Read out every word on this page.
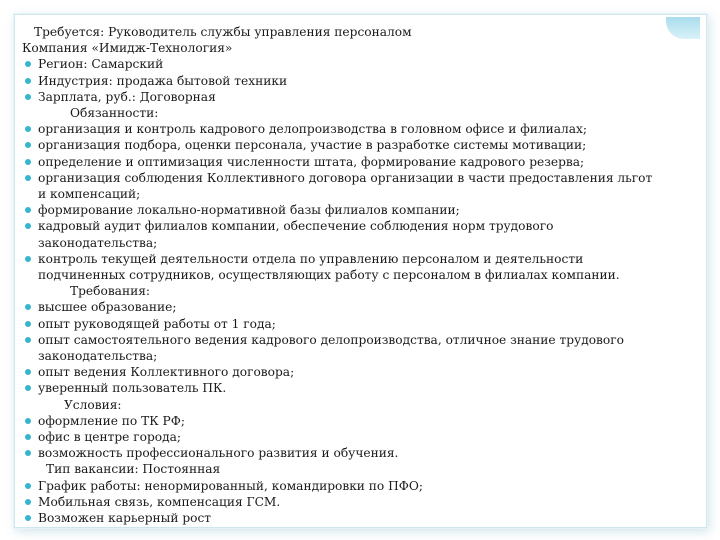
Требуется: Руководитель службы управления персоналом
Компания «Имидж-Технология»
Регион: Самарский
Индустрия: продажа бытовой техники
Зарплата, руб.: Договорная
Обязанности:
организация и контроль кадрового делопроизводства в головном офисе и филиалах;
организация подбора, оценки персонала, участие в разработке системы мотивации;
определение и оптимизация численности штата, формирование кадрового резерва;
организация соблюдения Коллективного договора организации в части предоставления льгот
и компенсаций;
формирование локально-нормативной базы филиалов компании;
кадровый аудит филиалов компании, обеспечение соблюдения норм трудового
законодательства;
контроль текущей деятельности отдела по управлению персоналом и деятельности
подчиненных сотрудников, осуществляющих работу с персоналом в филиалах компании.
Требования:
высшее образование;
опыт руководящей работы от 1 года;
опыт самостоятельного ведения кадрового делопроизводства, отличное знание трудового
законодательства;
опыт ведения Коллективного договора;
уверенный пользователь ПК.
Условия:
оформление по ТК РФ;
офис в центре города;
возможность профессионального развития и обучения.
Тип вакансии: Постоянная
График работы: ненормированный, командировки по ПФО;
Мобильная связь, компенсация ГСМ.
Возможен карьерный рост
